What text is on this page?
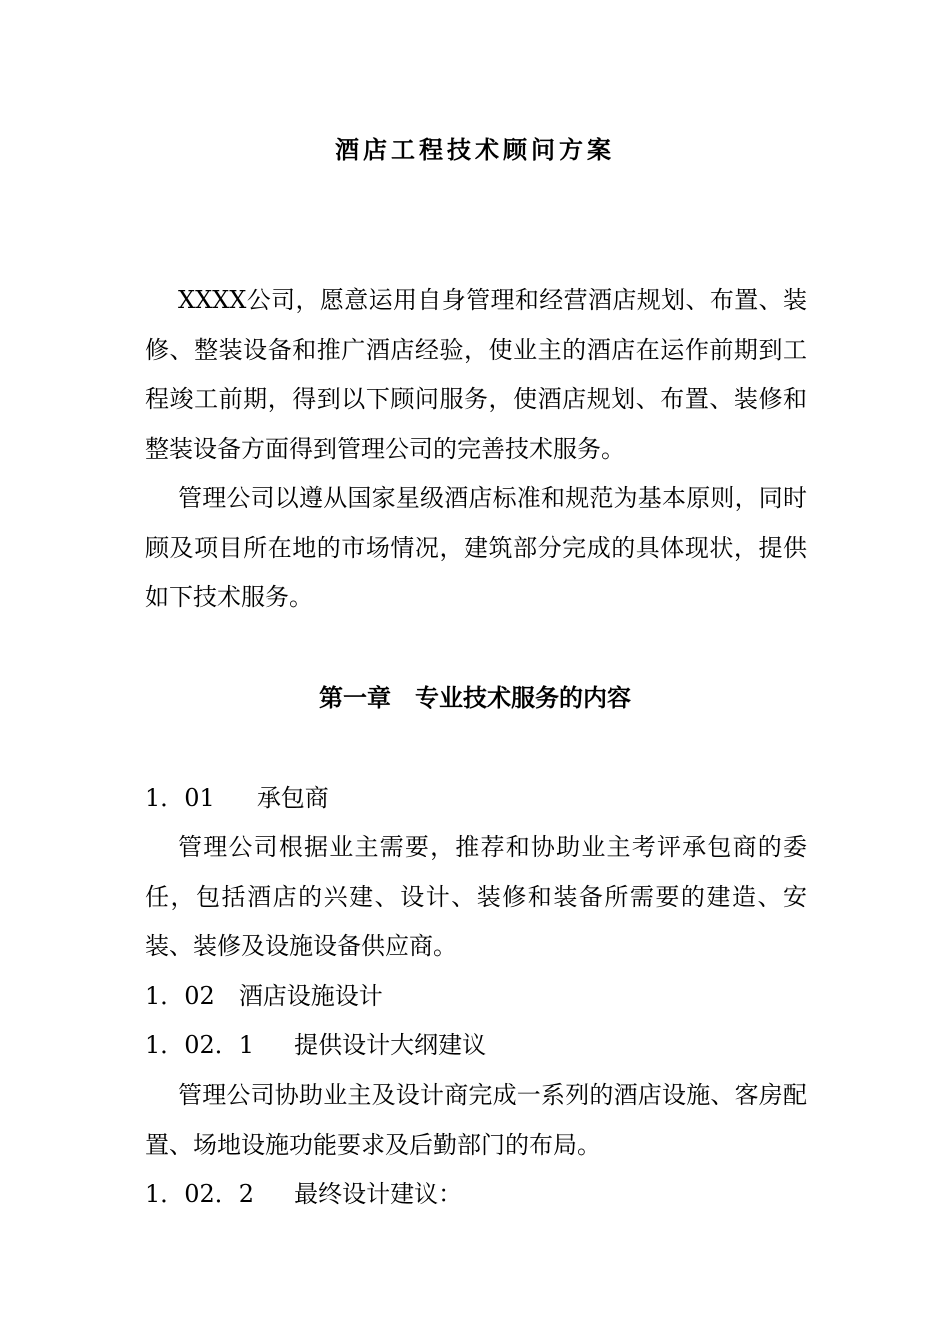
酒店工程技术顾问方案
XXXX公司，愿意运用自身管理和经营酒店规划、布置、装修、整装设备和推广酒店经验，使业主的酒店在运作前期到工程竣工前期，得到以下顾问服务，使酒店规划、布置、装修和整装设备方面得到管理公司的完善技术服务。
管理公司以遵从国家星级酒店标准和规范为基本原则，同时顾及项目所在地的市场情况，建筑部分完成的具体现状，提供如下技术服务。
第一章　专业技术服务的内容
1．01 承包商
管理公司根据业主需要，推荐和协助业主考评承包商的委任，包括酒店的兴建、设计、装修和装备所需要的建造、安装、装修及设施设备供应商。
1．02 酒店设施设计
1．02．1 提供设计大纲建议
管理公司协助业主及设计商完成一系列的酒店设施、客房配置、场地设施功能要求及后勤部门的布局。
1．02．2 最终设计建议：
